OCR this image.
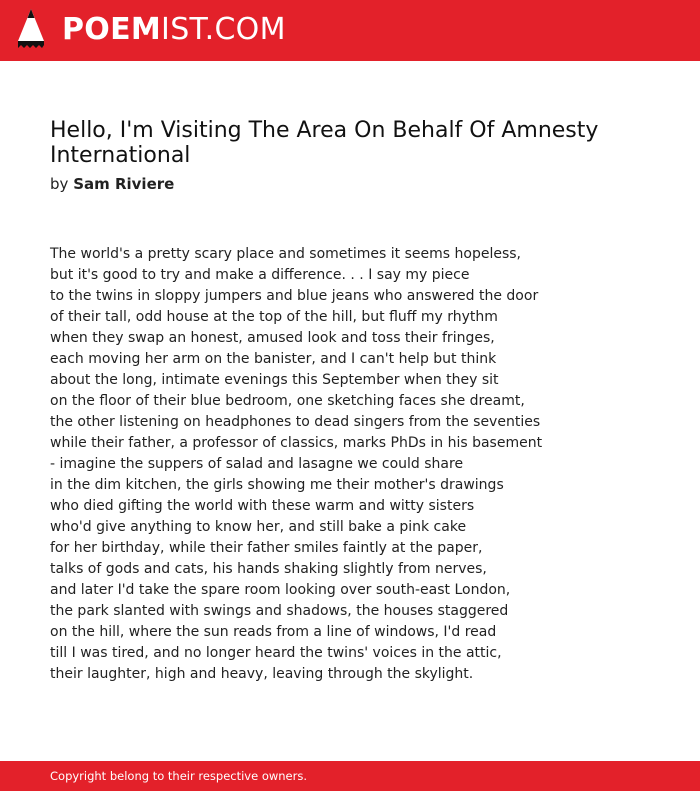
POEMIST.COM
Hello, I'm Visiting The Area On Behalf Of Amnesty International
by Sam Riviere
The world's a pretty scary place and sometimes it seems hopeless,
but it's good to try and make a difference. . . I say my piece
to the twins in sloppy jumpers and blue jeans who answered the door
of their tall, odd house at the top of the hill, but fluff my rhythm
when they swap an honest, amused look and toss their fringes,
each moving her arm on the banister, and I can't help but think
about the long, intimate evenings this September when they sit
on the floor of their blue bedroom, one sketching faces she dreamt,
the other listening on headphones to dead singers from the seventies
while their father, a professor of classics, marks PhDs in his basement
- imagine the suppers of salad and lasagne we could share
in the dim kitchen, the girls showing me their mother's drawings
who died gifting the world with these warm and witty sisters
who'd give anything to know her, and still bake a pink cake
for her birthday, while their father smiles faintly at the paper,
talks of gods and cats, his hands shaking slightly from nerves,
and later I'd take the spare room looking over south-east London,
the park slanted with swings and shadows, the houses staggered
on the hill, where the sun reads from a line of windows, I'd read
till I was tired, and no longer heard the twins' voices in the attic,
their laughter, high and heavy, leaving through the skylight.
Copyright belong to their respective owners.
